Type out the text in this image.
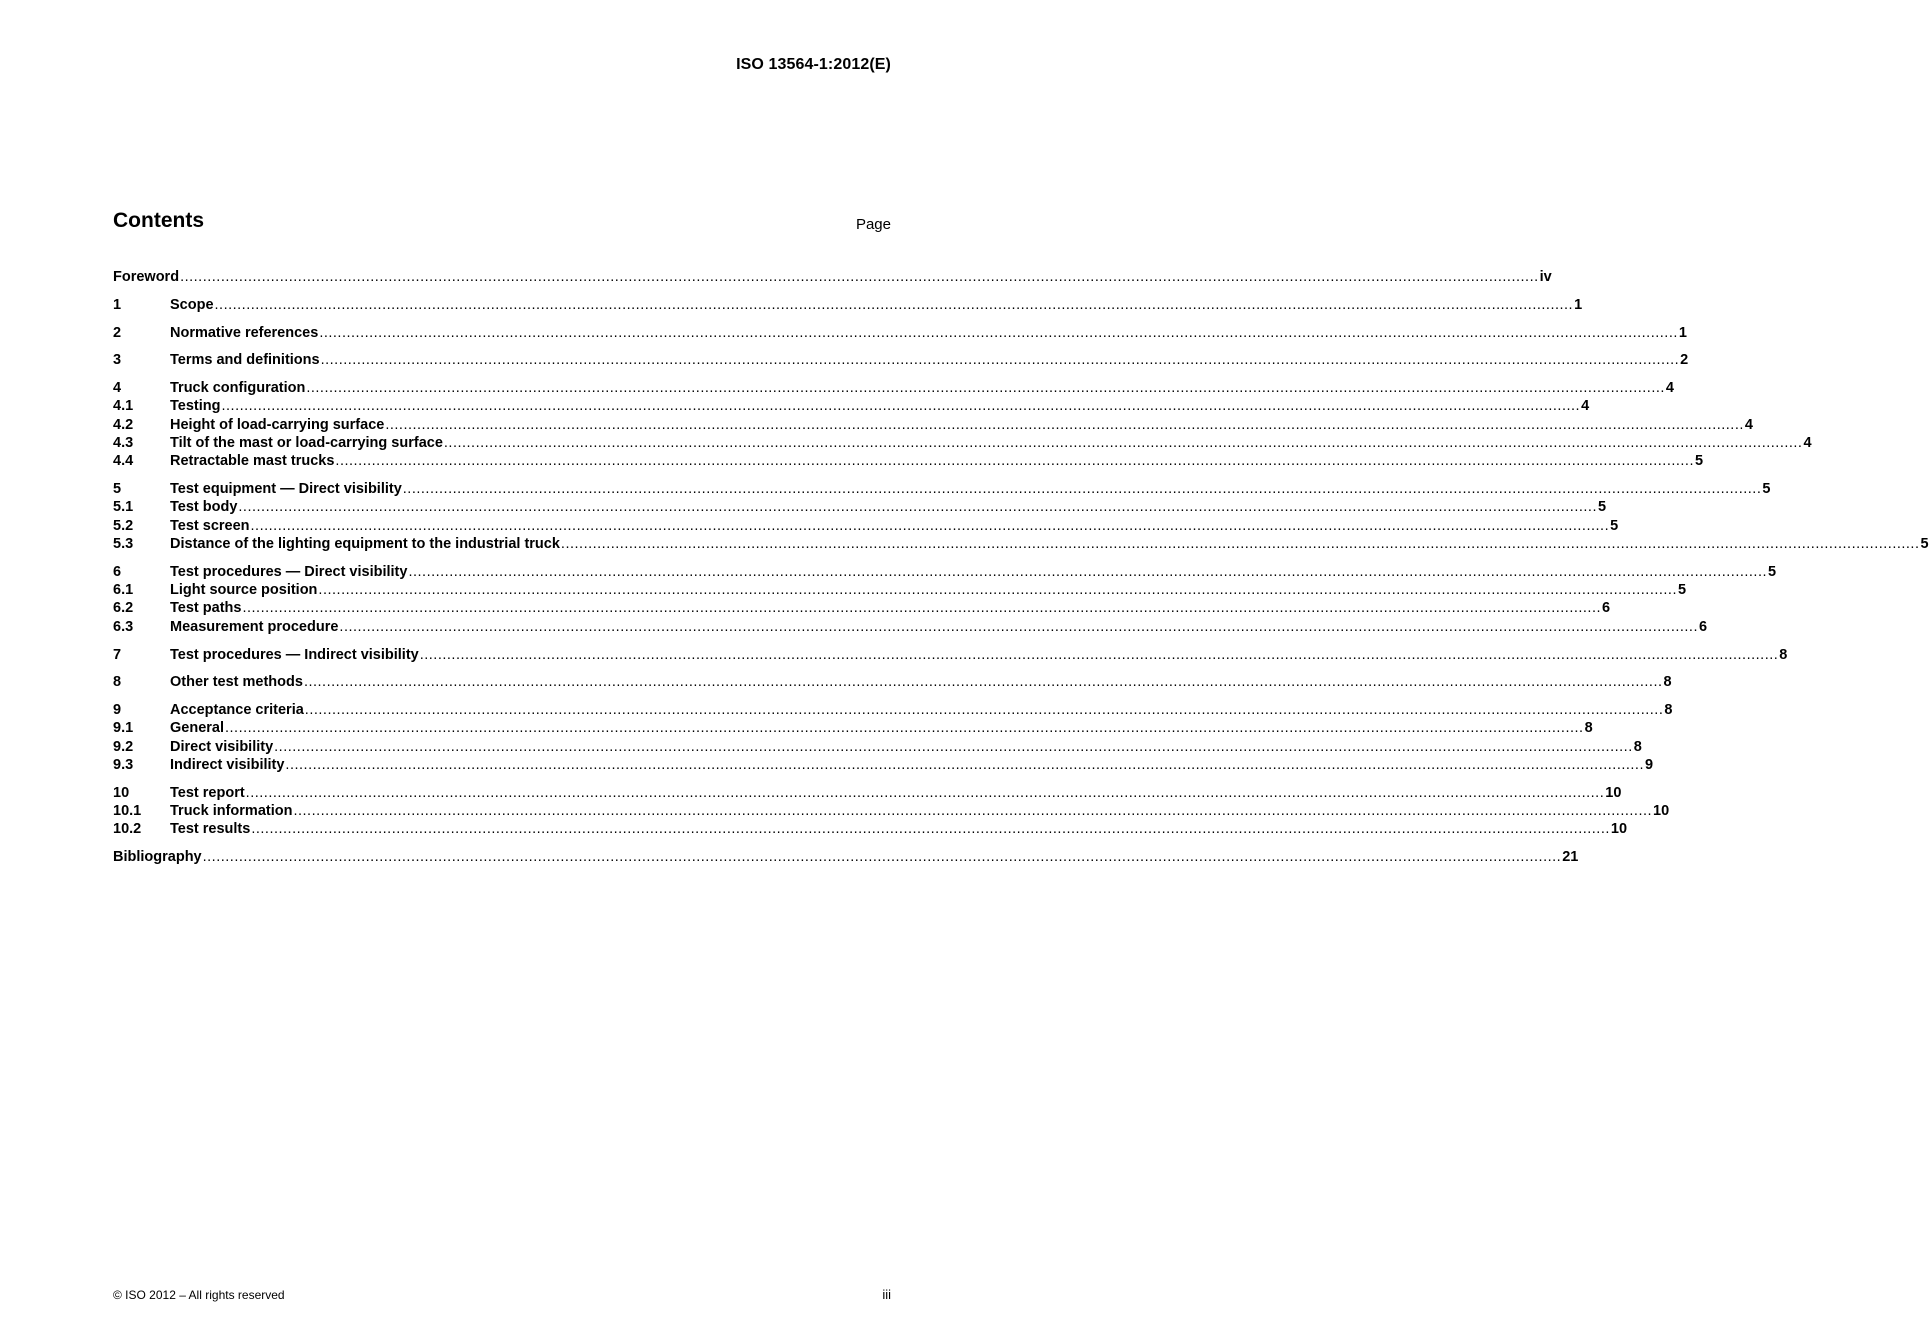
ISO 13564-1:2012(E)
Contents	Page
Foreword ............................................................................................................................................................................................................................................................................................................ iv
1	Scope ............................................................................................................................................................................................................................................................................................................ 1
2	Normative references ............................................................................................................................................................................................................................................................................................................ 1
3	Terms and definitions ............................................................................................................................................................................................................................................................................................................ 2
4	Truck configuration ............................................................................................................................................................................................................................................................................................................ 4
4.1	Testing ............................................................................................................................................................................................................................................................................................................ 4
4.2	Height of load-carrying surface ............................................................................................................................................................................................................................................................................................................ 4
4.3	Tilt of the mast or load-carrying surface ............................................................................................................................................................................................................................................................................................................ 4
4.4	Retractable mast trucks ............................................................................................................................................................................................................................................................................................................ 5
5	Test equipment — Direct visibility ............................................................................................................................................................................................................................................................................................................ 5
5.1	Test body ............................................................................................................................................................................................................................................................................................................ 5
5.2	Test screen ............................................................................................................................................................................................................................................................................................................ 5
5.3	Distance of the lighting equipment to the industrial truck ............................................................................................................................................................................................................................................................................................................ 5
6	Test procedures — Direct visibility ............................................................................................................................................................................................................................................................................................................ 5
6.1	Light source position ............................................................................................................................................................................................................................................................................................................ 5
6.2	Test paths ............................................................................................................................................................................................................................................................................................................ 6
6.3	Measurement procedure ............................................................................................................................................................................................................................................................................................................ 6
7	Test procedures — Indirect visibility ............................................................................................................................................................................................................................................................................................................ 8
8	Other test methods ............................................................................................................................................................................................................................................................................................................ 8
9	Acceptance criteria ............................................................................................................................................................................................................................................................................................................ 8
9.1	General ............................................................................................................................................................................................................................................................................................................ 8
9.2	Direct visibility ............................................................................................................................................................................................................................................................................................................ 8
9.3	Indirect visibility ............................................................................................................................................................................................................................................................................................................ 9
10	Test report ............................................................................................................................................................................................................................................................................................................ 10
10.1	Truck information ............................................................................................................................................................................................................................................................................................................ 10
10.2	Test results ............................................................................................................................................................................................................................................................................................................ 10
Bibliography ............................................................................................................................................................................................................................................................................................................ 21
© ISO 2012 – All rights reserved	iii
